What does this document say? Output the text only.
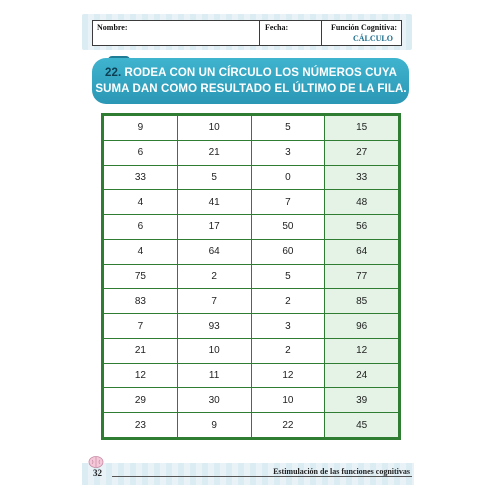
Nombre:	Fecha:	Función Cognitiva:
CÁLCULO
22. RODEA CON UN CÍRCULO LOS NÚMEROS CUYA
SUMA DAN COMO RESULTADO EL ÚLTIMO DE LA FILA.
9	10	5	15
6	21	3	27
33	5	0	33
4	41	7	48
6	17	50	56
4	64	60	64
75	2	5	77
83	7	2	85
7	93	3	96
21	10	2	12
12	11	12	24
29	30	10	39
23	9	22	45
32	Estimulación de las funciones cognitivas
